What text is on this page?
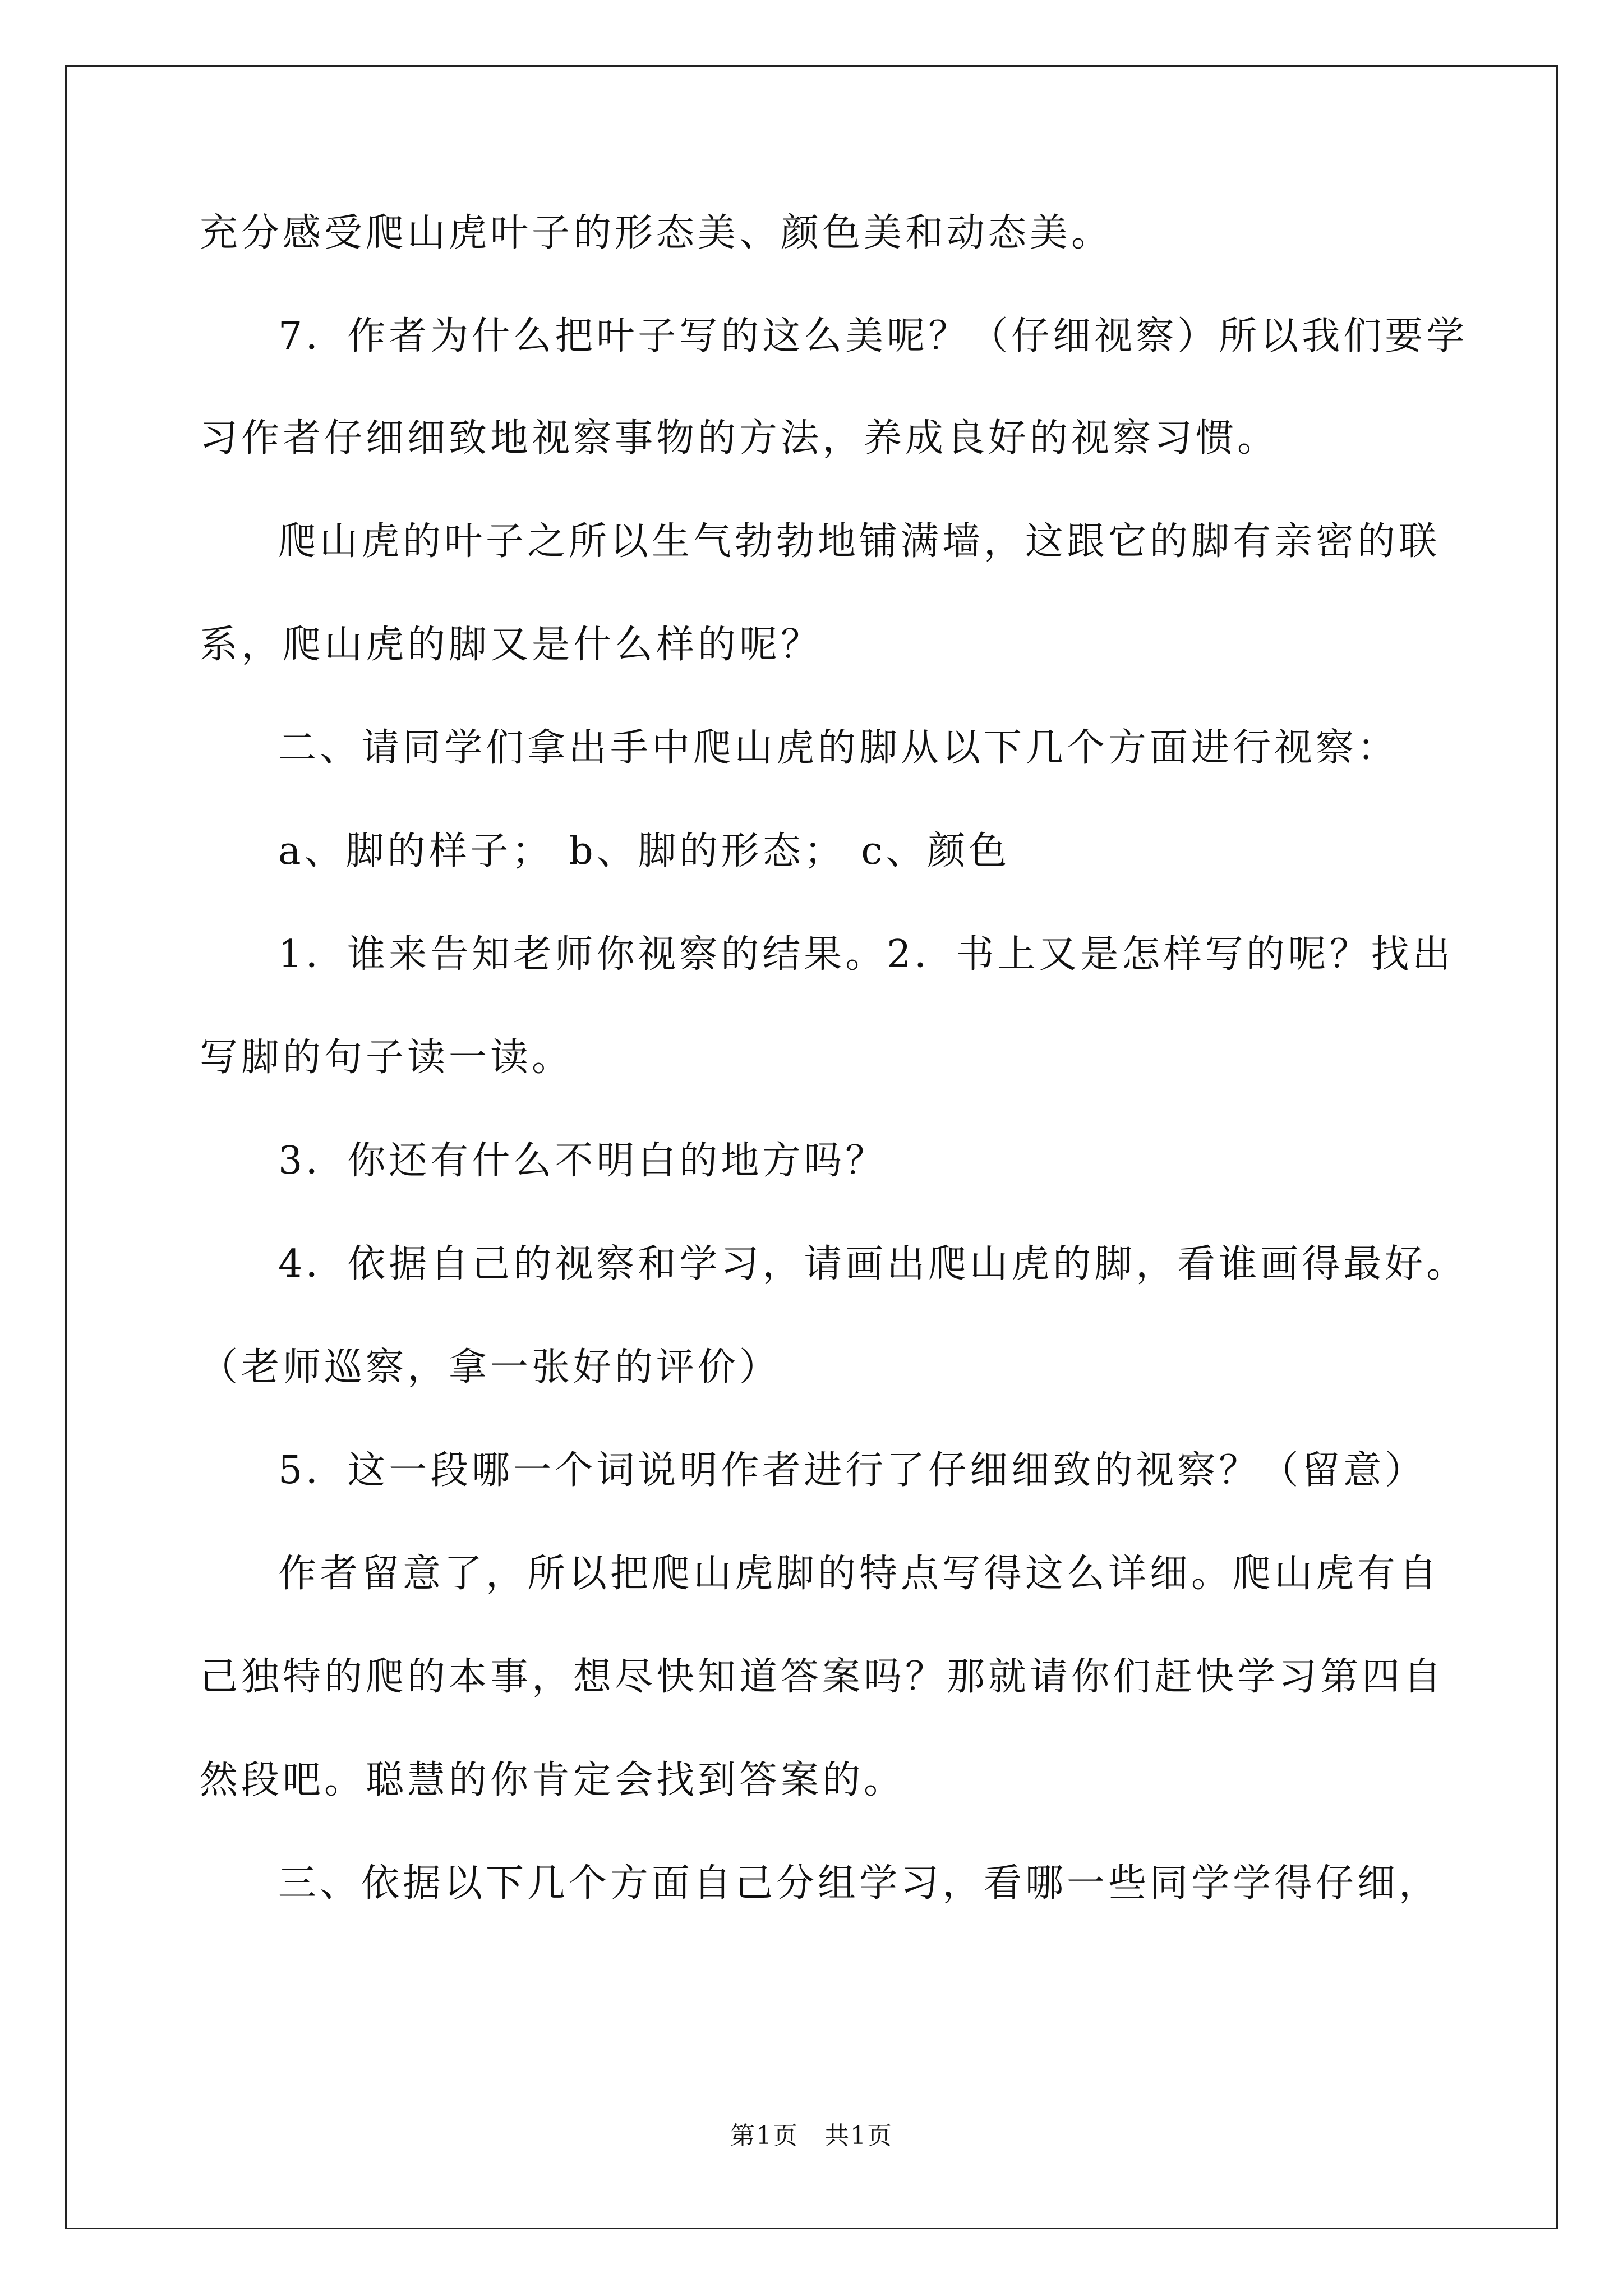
充分感受爬山虎叶子的形态美、颜色美和动态美。

7．作者为什么把叶子写的这么美呢？（仔细视察）所以我们要学

习作者仔细细致地视察事物的方法，养成良好的视察习惯。

爬山虎的叶子之所以生气勃勃地铺满墙，这跟它的脚有亲密的联

系，爬山虎的脚又是什么样的呢？

二、请同学们拿出手中爬山虎的脚从以下几个方面进行视察：

a、脚的样子； b、脚的形态； c、颜色

1．谁来告知老师你视察的结果。2．书上又是怎样写的呢？找出

写脚的句子读一读。

3．你还有什么不明白的地方吗？

4．依据自己的视察和学习，请画出爬山虎的脚，看谁画得最好。

（老师巡察，拿一张好的评价）

5．这一段哪一个词说明作者进行了仔细细致的视察？（留意）

作者留意了，所以把爬山虎脚的特点写得这么详细。爬山虎有自

己独特的爬的本事，想尽快知道答案吗？那就请你们赶快学习第四自

然段吧。聪慧的你肯定会找到答案的。

三、依据以下几个方面自己分组学习，看哪一些同学学得仔细，

第1页 共1页
